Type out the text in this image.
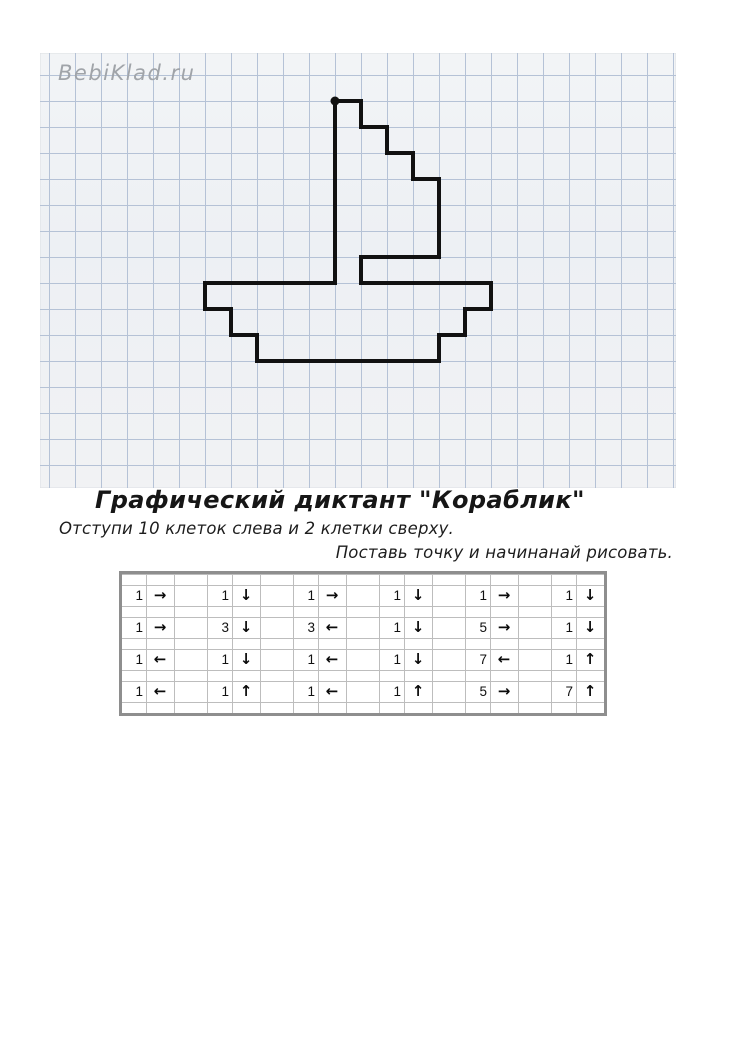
BebiKlad.ru
Графический диктант "Кораблик"
Отступи 10 клеток слева и 2 клетки сверху.
Поставь точку и начинанай рисовать.
1 →	1 ↓	1 →	1 ↓	1 →	1 ↓
1 →	3 ↓	3 ←	1 ↓	5 →	1 ↓
1 ←	1 ↓	1 ←	1 ↓	7 ←	1 ↑
1 ←	1 ↑	1 ←	1 ↑	5 →	7 ↑
